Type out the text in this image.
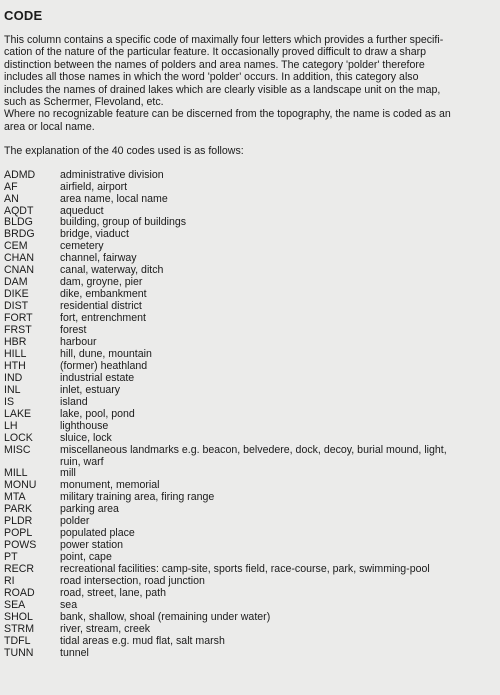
CODE
This column contains a specific code of maximally four letters which provides a further specifi-
cation of the nature of the particular feature. It occasionally proved difficult to draw a sharp
distinction between the names of polders and area names. The category 'polder' therefore
includes all those names in which the word 'polder' occurs. In addition, this category also
includes the names of drained lakes which are clearly visible as a landscape unit on the map,
such as Schermer, Flevoland, etc.
Where no recognizable feature can be discerned from the topography, the name is coded as an
area or local name.
The explanation of the 40 codes used is as follows:
ADMD	administrative division
AF	airfield, airport
AN	area name, local name
AQDT	aqueduct
BLDG	building, group of buildings
BRDG	bridge, viaduct
CEM	cemetery
CHAN	channel, fairway
CNAN	canal, waterway, ditch
DAM	dam, groyne, pier
DIKE	dike, embankment
DIST	residential district
FORT	fort, entrenchment
FRST	forest
HBR	harbour
HILL	hill, dune, mountain
HTH	(former) heathland
IND	industrial estate
INL	inlet, estuary
IS	island
LAKE	lake, pool, pond
LH	lighthouse
LOCK	sluice, lock
MISC	miscellaneous landmarks e.g. beacon, belvedere, dock, decoy, burial mound, light,
ruin, warf
MILL	mill
MONU	monument, memorial
MTA	military training area, firing range
PARK	parking area
PLDR	polder
POPL	populated place
POWS	power station
PT	point, cape
RECR	recreational facilities: camp-site, sports field, race-course, park, swimming-pool
RI	road intersection, road junction
ROAD	road, street, lane, path
SEA	sea
SHOL	bank, shallow, shoal (remaining under water)
STRM	river, stream, creek
TDFL	tidal areas e.g. mud flat, salt marsh
TUNN	tunnel
